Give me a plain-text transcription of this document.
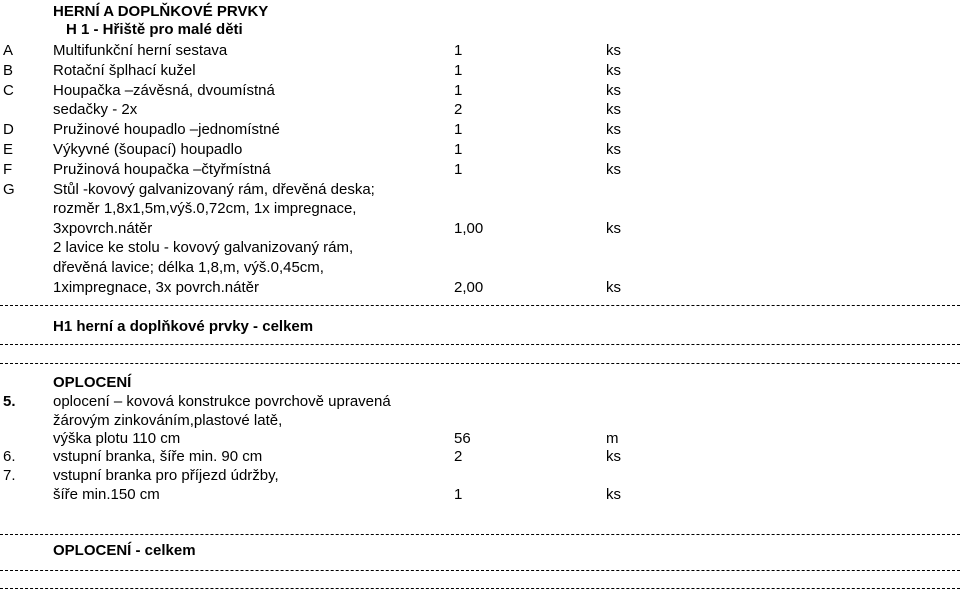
HERNÍ A DOPLŇKOVÉ PRVKY
H 1 - Hřiště pro malé děti
A	Multifunkční herní sestava	1	ks
B	Rotační šplhací kužel	1	ks
C	Houpačka –závěsná, dvoumístná	1	ks
sedačky - 2x	2	ks
D	Pružinové houpadlo –jednomístné	1	ks
E	Výkyvné (šoupací) houpadlo	1	ks
F	Pružinová houpačka –čtyřmístná	1	ks
G	Stůl -kovový galvanizovaný rám, dřevěná deska;
rozměr 1,8x1,5m,výš.0,72cm, 1x impregnace,
3xpovrch.nátěr	1,00	ks
2 lavice ke stolu - kovový galvanizovaný rám,
dřevěná lavice; délka 1,8,m, výš.0,45cm,
1ximpregnace, 3x povrch.nátěr	2,00	ks
H1 herní a doplňkové prvky - celkem
OPLOCENÍ
5. oplocení – kovová konstrukce povrchově upravená
žárovým zinkováním,plastové latě,
výška plotu 110 cm	56	m
6. vstupní branka, šíře min. 90 cm	2	ks
7. vstupní branka pro příjezd údržby,
šíře min.150 cm	1	ks
OPLOCENÍ - celkem
